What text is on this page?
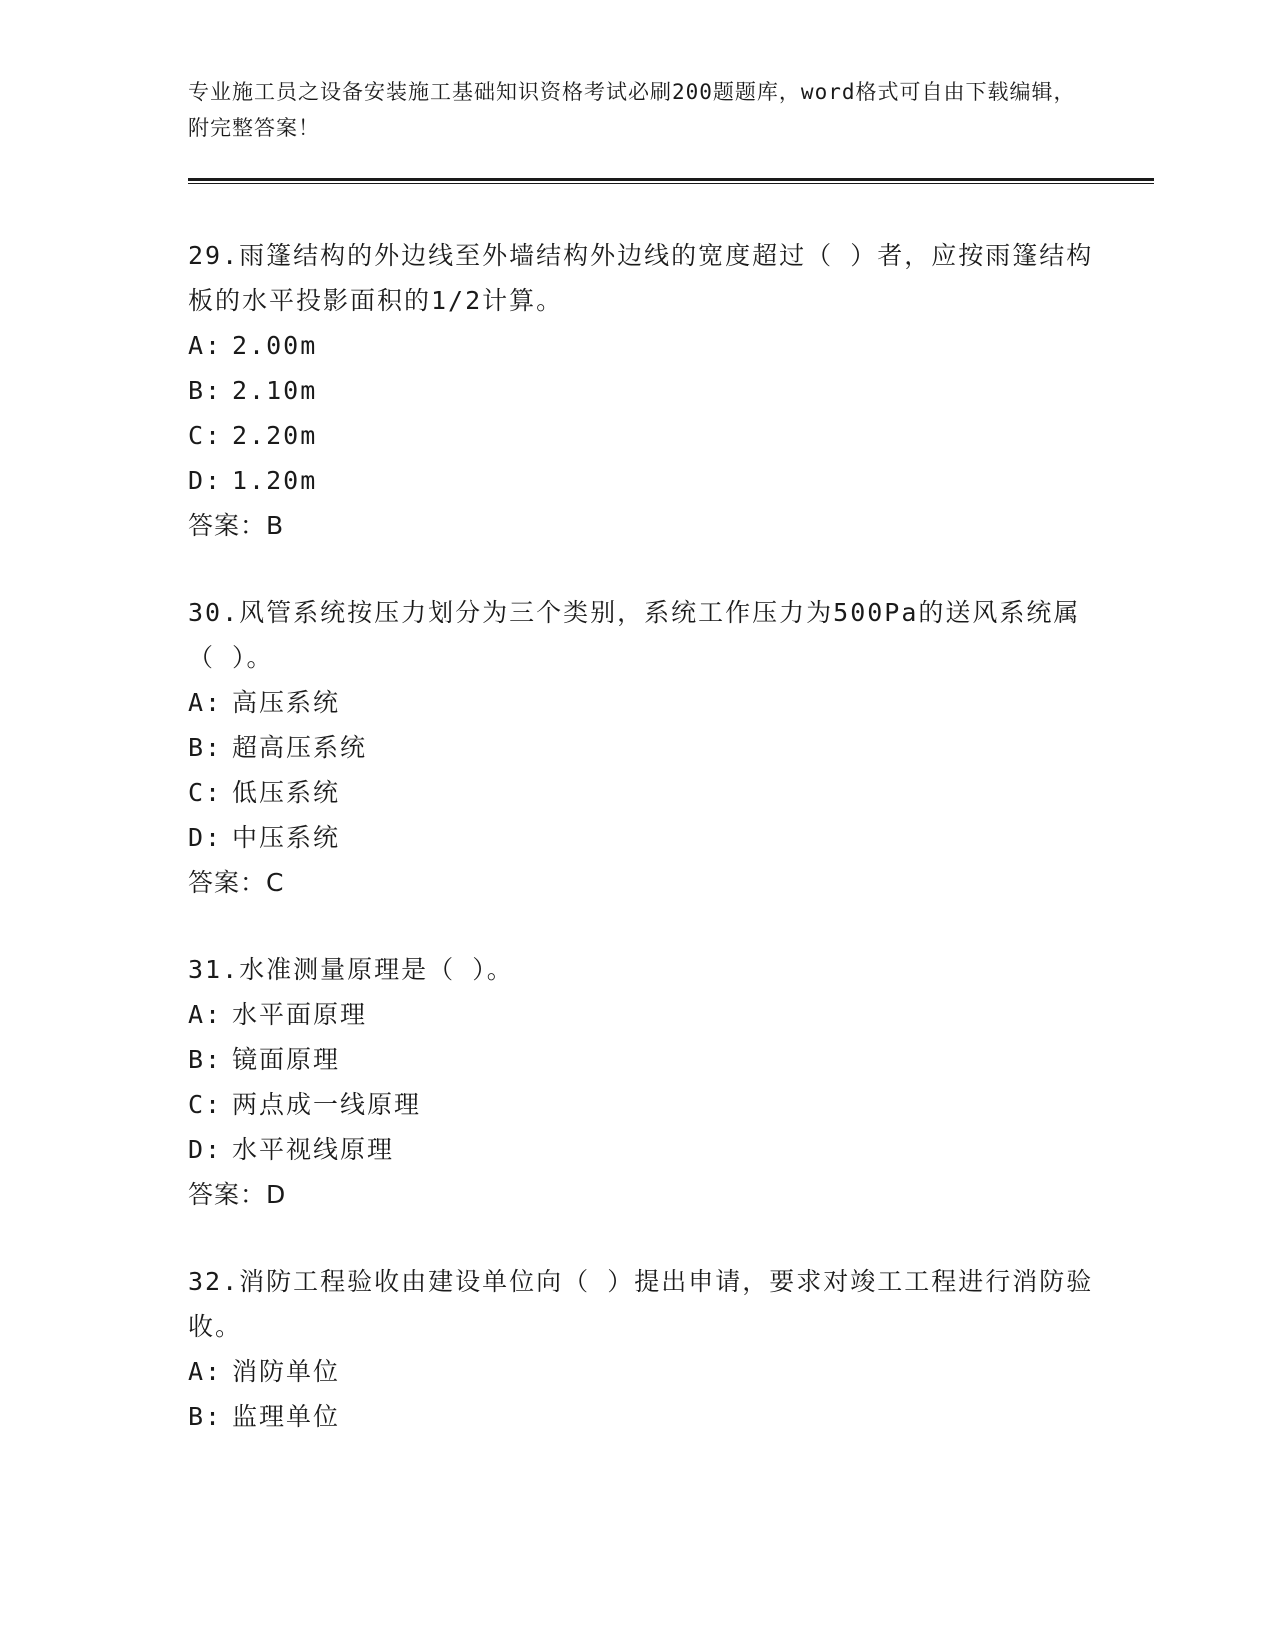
专业施工员之设备安装施工基础知识资格考试必刷200题题库，word格式可自由下载编辑，附完整答案！
29.雨篷结构的外边线至外墙结构外边线的宽度超过（ ）者，应按雨篷结构板的水平投影面积的1/2计算。
A: 2.00m
B: 2.10m
C: 2.20m
D: 1.20m
答案：B
30.风管系统按压力划分为三个类别，系统工作压力为500Pa的送风系统属（ ）。
A: 高压系统
B: 超高压系统
C: 低压系统
D: 中压系统
答案：C
31.水准测量原理是（ ）。
A: 水平面原理
B: 镜面原理
C: 两点成一线原理
D: 水平视线原理
答案：D
32.消防工程验收由建设单位向（ ）提出申请，要求对竣工工程进行消防验收。
A: 消防单位
B: 监理单位
